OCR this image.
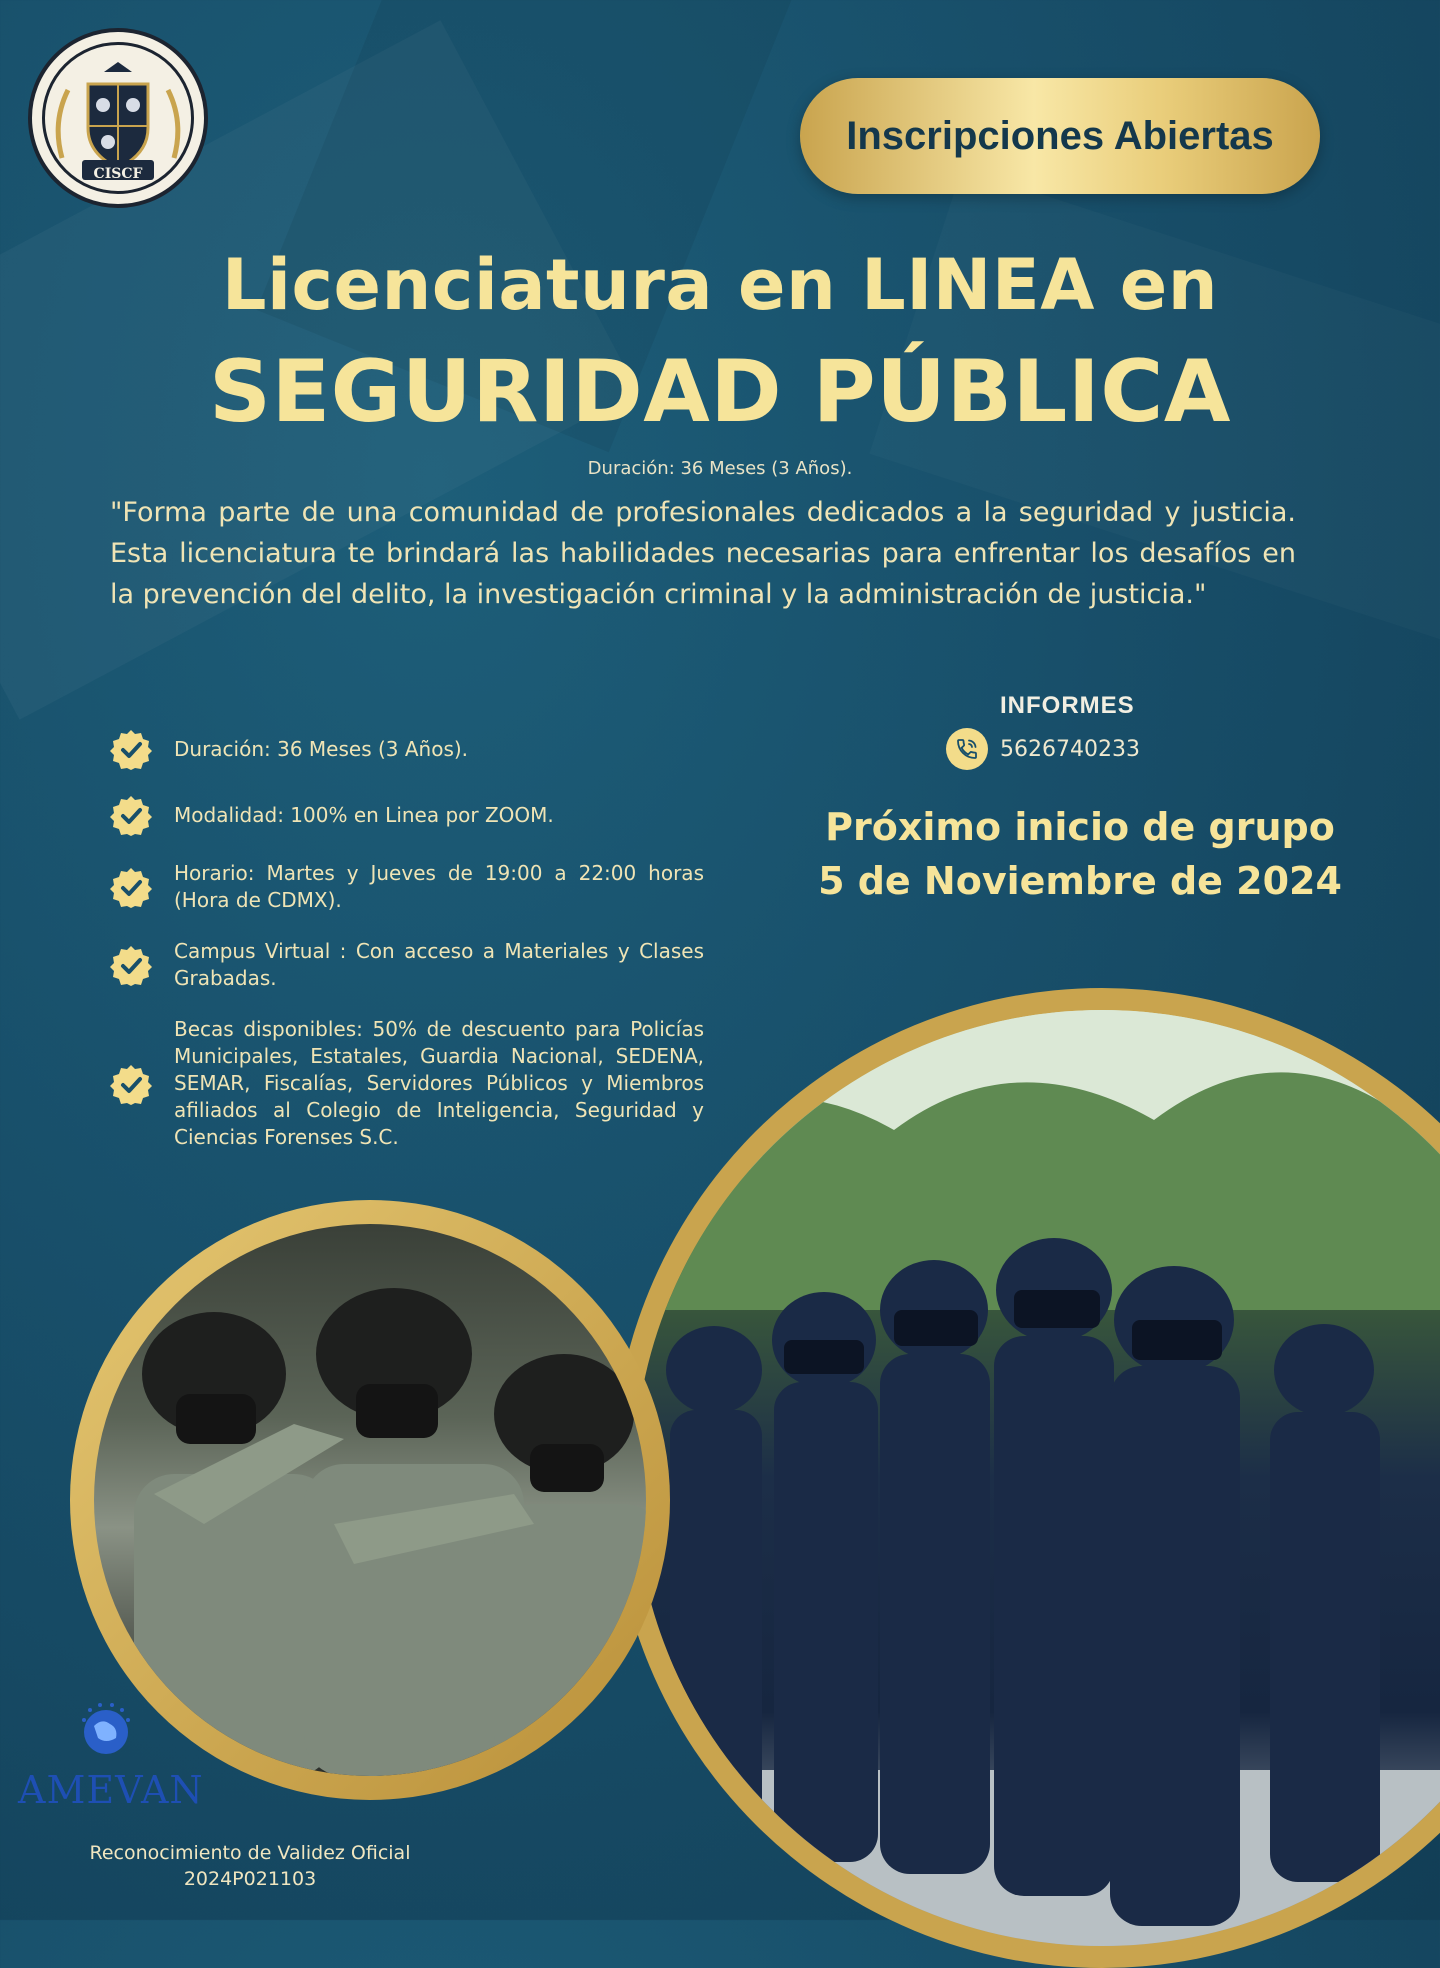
CISCF
Inscripciones Abiertas
Licenciatura en LINEA en
SEGURIDAD PÚBLICA
Duración: 36 Meses (3 Años).
"Forma parte de una comunidad de profesionales dedicados a la seguridad y justicia. Esta licenciatura te brindará las habilidades necesarias para enfrentar los desafíos en la prevención del delito, la investigación criminal y la administración de justicia."
Duración: 36 Meses (3 Años).
Modalidad: 100% en Linea por ZOOM.
Horario: Martes y Jueves de 19:00 a 22:00 horas (Hora de CDMX).
Campus Virtual : Con acceso a Materiales y Clases Grabadas.
Becas disponibles: 50% de descuento para Policías Municipales, Estatales, Guardia Nacional, SEDENA, SEMAR, Fiscalías, Servidores Públicos y Miembros afiliados al Colegio de Inteligencia, Seguridad y Ciencias Forenses S.C.
INFORMES
5626740233
Próximo inicio de grupo
5 de Noviembre de 2024
AMEVAN
Reconocimiento de Validez Oficial
2024P021103
